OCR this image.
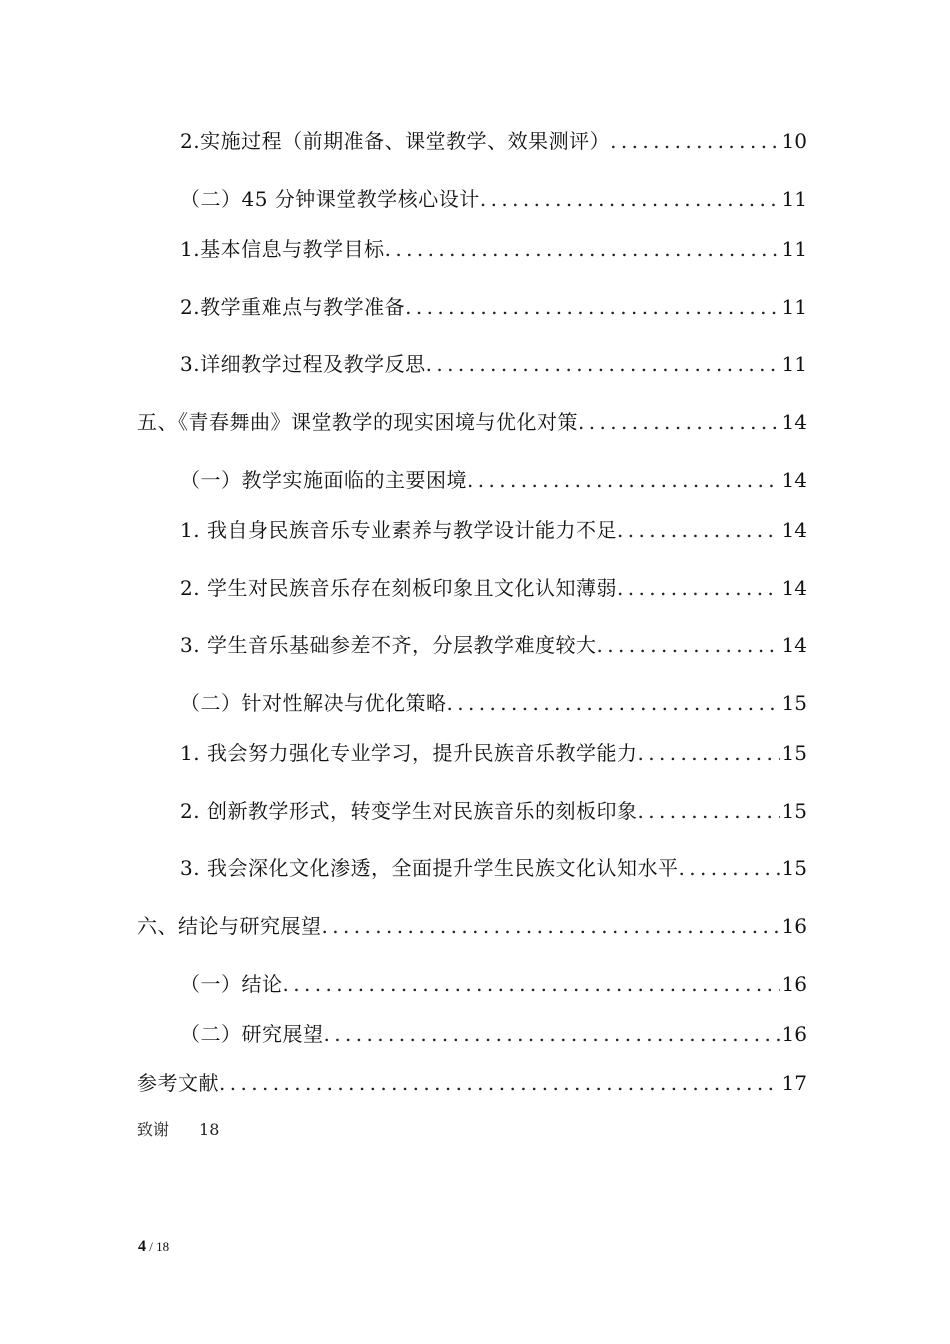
2.实施过程（前期准备、课堂教学、效果测评） .....	10
（二）45 分钟课堂教学核心设计 .....	11
1.基本信息与教学目标 .....	11
2.教学重难点与教学准备 .....	11
3.详细教学过程及教学反思 .....	11
五、《青春舞曲》课堂教学的现实困境与优化对策 .....	14
（一）教学实施面临的主要困境 .....	14
1. 我自身民族音乐专业素养与教学设计能力不足 .....	14
2. 学生对民族音乐存在刻板印象且文化认知薄弱 .....	14
3. 学生音乐基础参差不齐，分层教学难度较大 .....	14
（二）针对性解决与优化策略 .....	15
1. 我会努力强化专业学习，提升民族音乐教学能力 .....	15
2. 创新教学形式，转变学生对民族音乐的刻板印象 .....	15
3. 我会深化文化渗透，全面提升学生民族文化认知水平 .....	15
六、结论与研究展望 .....	16
（一）结论 .....	16
（二）研究展望 .....	16
参考文献 .....	17
致谢 18
4 / 18
